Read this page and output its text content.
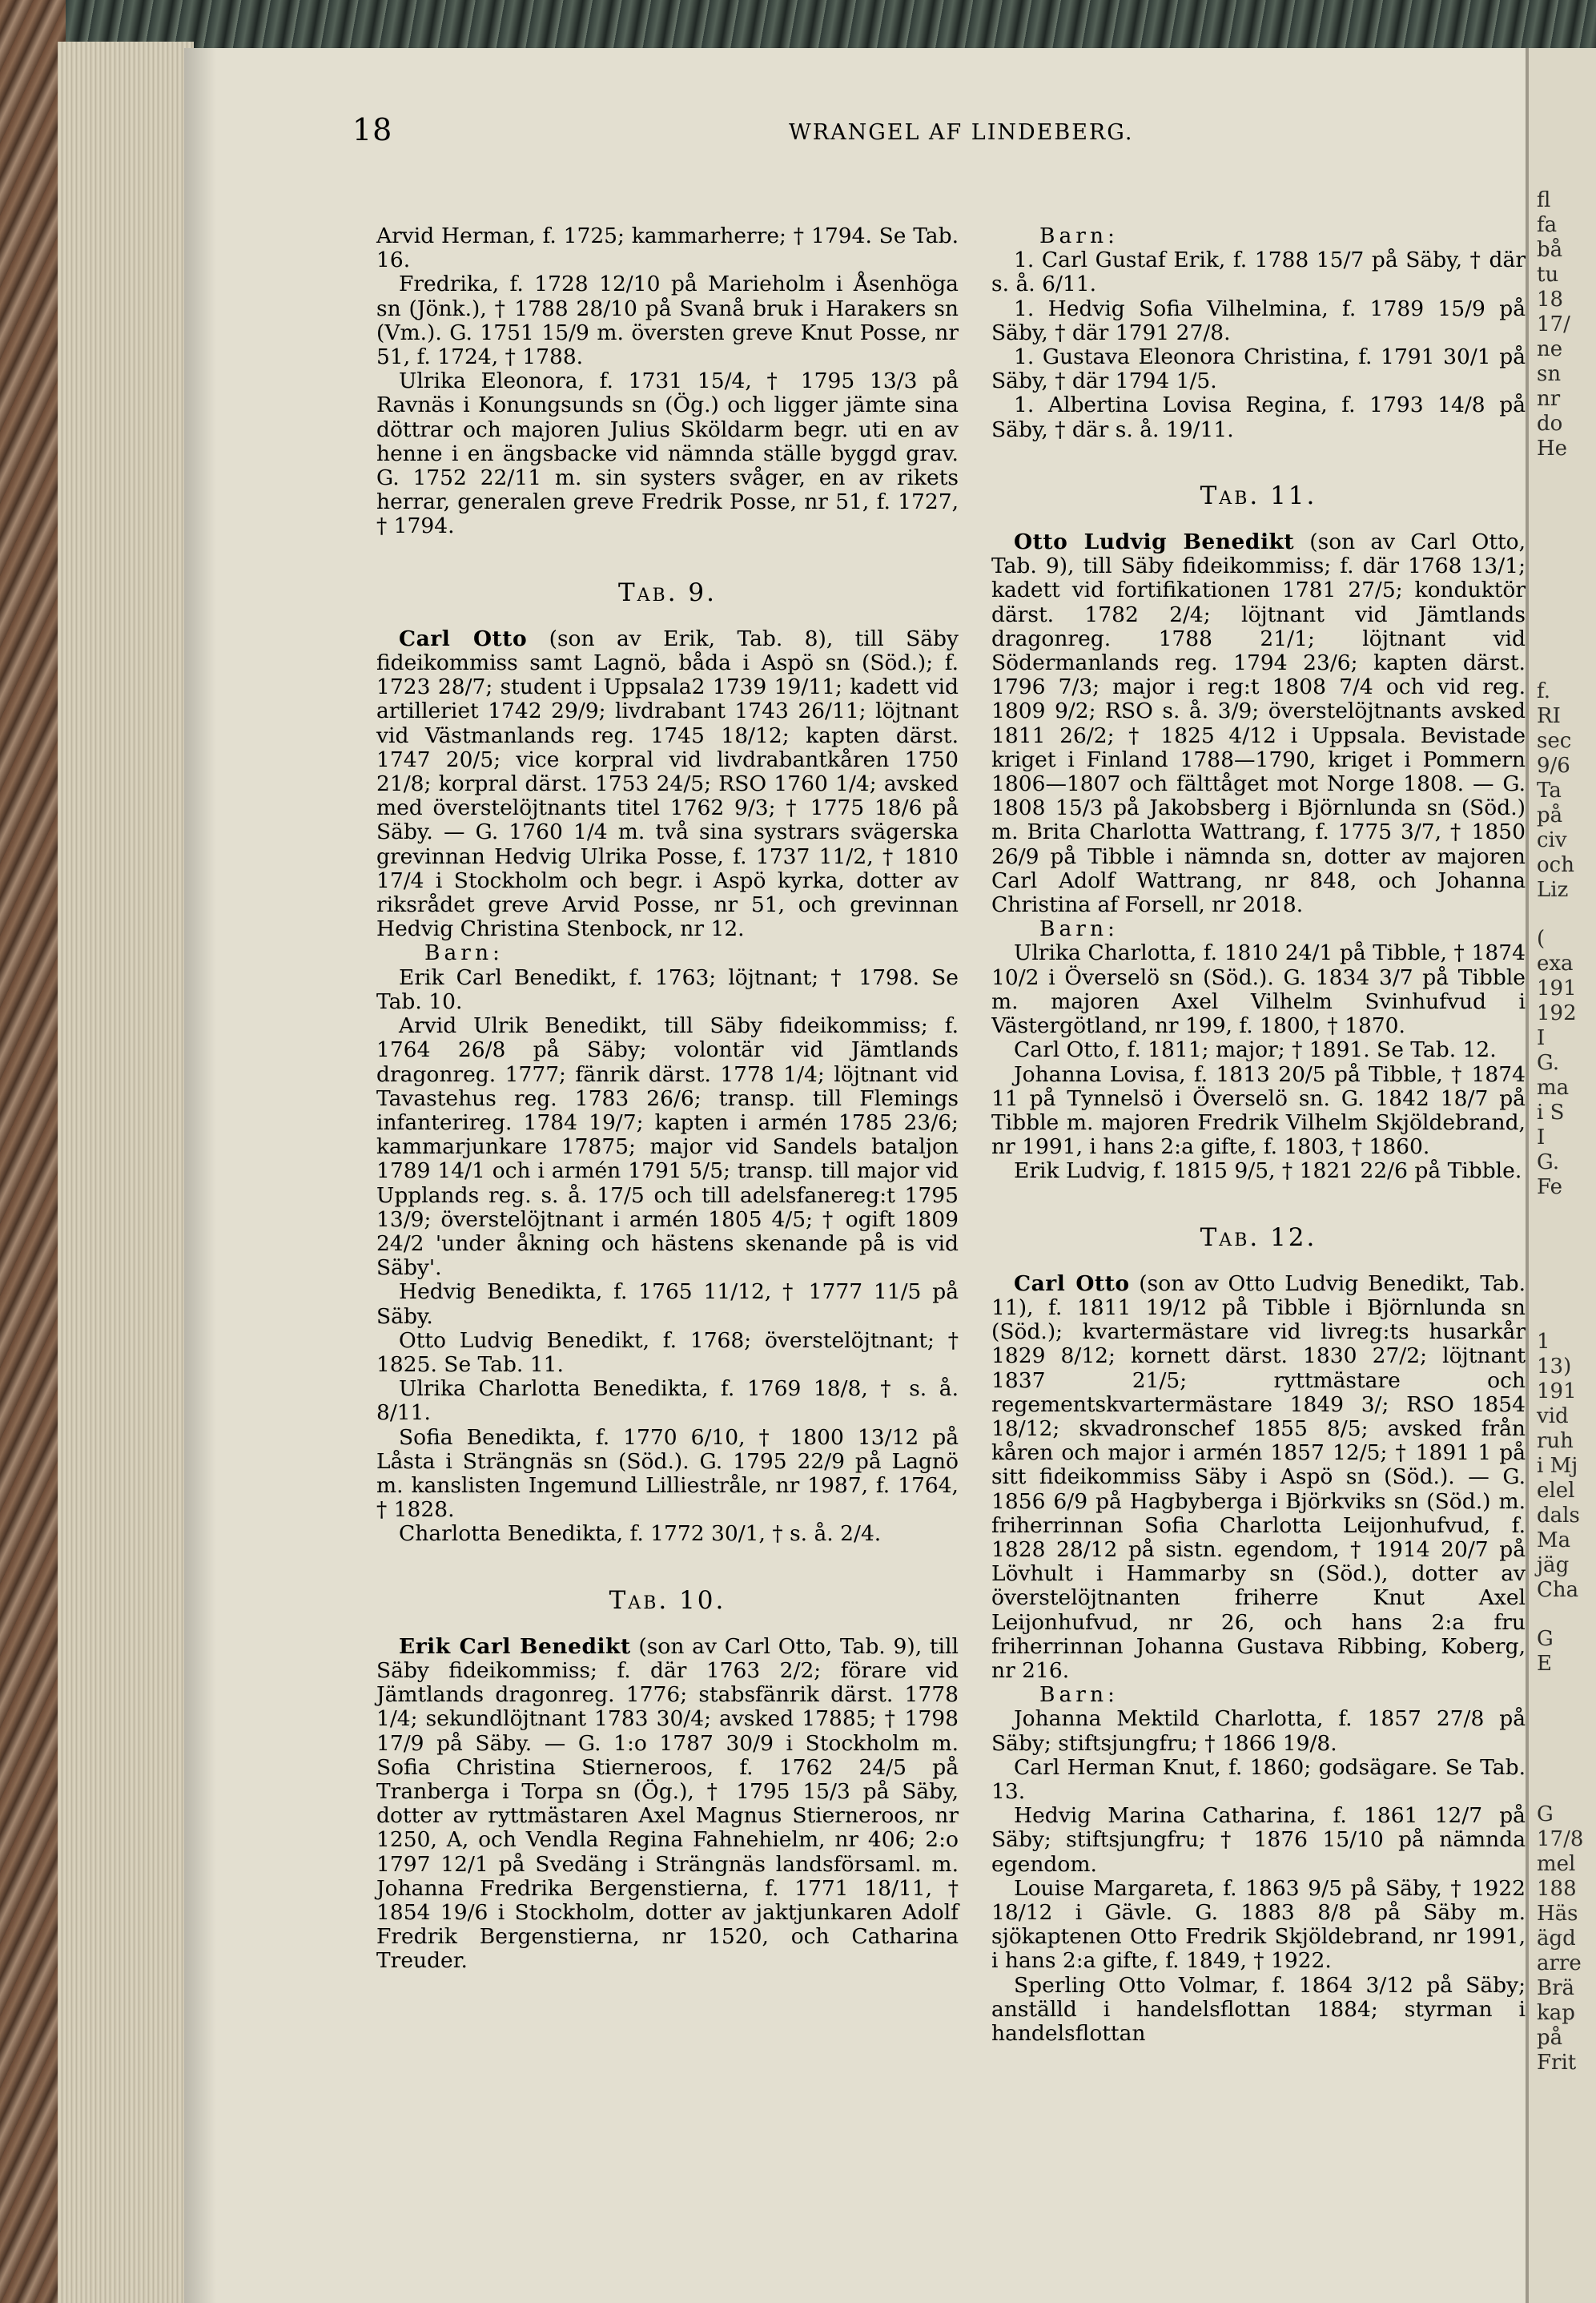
18	WRANGEL AF LINDEBERG.

Arvid Herman, f. 1725; kammarherre; † 1794. Se Tab. 16.

Fredrika, f. 1728 12/10 på Marieholm i Åsenhöga sn (Jönk.), † 1788 28/10 på Svanå bruk i Harakers sn (Vm.). G. 1751 15/9 m. översten greve Knut Posse, nr 51, f. 1724, † 1788.

Ulrika Eleonora, f. 1731 15/4, † 1795 13/3 på Ravnäs i Konungsunds sn (Ög.) och ligger jämte sina döttrar och majoren Julius Sköldarm begr. uti en av henne i en ängsbacke vid nämnda ställe byggd grav. G. 1752 22/11 m. sin systers svåger, en av rikets herrar, generalen greve Fredrik Posse, nr 51, f. 1727, † 1794.

Tab. 9.

Carl Otto (son av Erik, Tab. 8), till Säby fideikommiss samt Lagnö, båda i Aspö sn (Söd.); f. 1723 28/7; student i Uppsala2 1739 19/11; kadett vid artilleriet 1742 29/9; livdrabant 1743 26/11; löjtnant vid Västmanlands reg. 1745 18/12; kapten därst. 1747 20/5; vice korpral vid livdrabantkåren 1750 21/8; korpral därst. 1753 24/5; RSO 1760 1/4; avsked med överstelöjtnants titel 1762 9/3; † 1775 18/6 på Säby. — G. 1760 1/4 m. två sina systrars svägerska grevinnan Hedvig Ulrika Posse, f. 1737 11/2, † 1810 17/4 i Stockholm och begr. i Aspö kyrka, dotter av riksrådet greve Arvid Posse, nr 51, och grevinnan Hedvig Christina Stenbock, nr 12.

Barn:

Erik Carl Benedikt, f. 1763; löjtnant; † 1798. Se Tab. 10.

Arvid Ulrik Benedikt, till Säby fideikommiss; f. 1764 26/8 på Säby; volontär vid Jämtlands dragonreg. 1777; fänrik därst. 1778 1/4; löjtnant vid Tavastehus reg. 1783 26/6; transp. till Flemings infanterireg. 1784 19/7; kapten i armén 1785 23/6; kammarjunkare 17875; major vid Sandels bataljon 1789 14/1 och i armén 1791 5/5; transp. till major vid Upplands reg. s. å. 17/5 och till adelsfanereg:t 1795 13/9; överstelöjtnant i armén 1805 4/5; † ogift 1809 24/2 'under åkning och hästens skenande på is vid Säby'.

Hedvig Benedikta, f. 1765 11/12, † 1777 11/5 på Säby.

Otto Ludvig Benedikt, f. 1768; överstelöjtnant; † 1825. Se Tab. 11.

Ulrika Charlotta Benedikta, f. 1769 18/8, † s. å. 8/11.

Sofia Benedikta, f. 1770 6/10, † 1800 13/12 på Låsta i Strängnäs sn (Söd.). G. 1795 22/9 på Lagnö m. kanslisten Ingemund Lilliestråle, nr 1987, f. 1764, † 1828.

Charlotta Benedikta, f. 1772 30/1, † s. å. 2/4.

Tab. 10.

Erik Carl Benedikt (son av Carl Otto, Tab. 9), till Säby fideikommiss; f. där 1763 2/2; förare vid Jämtlands dragonreg. 1776; stabsfänrik därst. 1778 1/4; sekundlöjtnant 1783 30/4; avsked 17885; † 1798 17/9 på Säby. — G. 1:o 1787 30/9 i Stockholm m. Sofia Christina Stierneroos, f. 1762 24/5 på Tranberga i Torpa sn (Ög.), † 1795 15/3 på Säby, dotter av ryttmästaren Axel Magnus Stierneroos, nr 1250, A, och Vendla Regina Fahnehielm, nr 406; 2:o 1797 12/1 på Svedäng i Strängnäs landsförsaml. m. Johanna Fredrika Bergenstierna, f. 1771 18/11, † 1854 19/6 i Stockholm, dotter av jaktjunkaren Adolf Fredrik Bergenstierna, nr 1520, och Catharina Treuder.

Barn:

1. Carl Gustaf Erik, f. 1788 15/7 på Säby, † där s. å. 6/11.

1. Hedvig Sofia Vilhelmina, f. 1789 15/9 på Säby, † där 1791 27/8.

1. Gustava Eleonora Christina, f. 1791 30/1 på Säby, † där 1794 1/5.

1. Albertina Lovisa Regina, f. 1793 14/8 på Säby, † där s. å. 19/11.

Tab. 11.

Otto Ludvig Benedikt (son av Carl Otto, Tab. 9), till Säby fideikommiss; f. där 1768 13/1; kadett vid fortifikationen 1781 27/5; konduktör därst. 1782 2/4; löjtnant vid Jämtlands dragonreg. 1788 21/1; löjtnant vid Södermanlands reg. 1794 23/6; kapten därst. 1796 7/3; major i reg:t 1808 7/4 och vid reg. 1809 9/2; RSO s. å. 3/9; överstelöjtnants avsked 1811 26/2; † 1825 4/12 i Uppsala. Bevistade kriget i Finland 1788—1790, kriget i Pommern 1806—1807 och fälttåget mot Norge 1808. — G. 1808 15/3 på Jakobsberg i Björnlunda sn (Söd.) m. Brita Charlotta Wattrang, f. 1775 3/7, † 1850 26/9 på Tibble i nämnda sn, dotter av majoren Carl Adolf Wattrang, nr 848, och Johanna Christina af Forsell, nr 2018.

Barn:

Ulrika Charlotta, f. 1810 24/1 på Tibble, † 1874 10/2 i Överselö sn (Söd.). G. 1834 3/7 på Tibble m. majoren Axel Vilhelm Svinhufvud i Västergötland, nr 199, f. 1800, † 1870.

Carl Otto, f. 1811; major; † 1891. Se Tab. 12.

Johanna Lovisa, f. 1813 20/5 på Tibble, † 1874 11 på Tynnelsö i Överselö sn. G. 1842 18/7 på Tibble m. majoren Fredrik Vilhelm Skjöldebrand, nr 1991, i hans 2:a gifte, f. 1803, † 1860.

Erik Ludvig, f. 1815 9/5, † 1821 22/6 på Tibble.

Tab. 12.

Carl Otto (son av Otto Ludvig Benedikt, Tab. 11), f. 1811 19/12 på Tibble i Björnlunda sn (Söd.); kvartermästare vid livreg:ts husarkår 1829 8/12; kornett därst. 1830 27/2; löjtnant 1837 21/5; ryttmästare och regementskvartermästare 1849 3/; RSO 1854 18/12; skvadronschef 1855 8/5; avsked från kåren och major i armén 1857 12/5; † 1891 1 på sitt fideikommiss Säby i Aspö sn (Söd.). — G. 1856 6/9 på Hagbyberga i Björkviks sn (Söd.) m. friherrinnan Sofia Charlotta Leijonhufvud, f. 1828 28/12 på sistn. egendom, † 1914 20/7 på Lövhult i Hammarby sn (Söd.), dotter av överstelöjtnanten friherre Knut Axel Leijonhufvud, nr 26, och hans 2:a fru friherrinnan Johanna Gustava Ribbing, Koberg, nr 216.

Barn:

Johanna Mektild Charlotta, f. 1857 27/8 på Säby; stiftsjungfru; † 1866 19/8.

Carl Herman Knut, f. 1860; godsägare. Se Tab. 13.

Hedvig Marina Catharina, f. 1861 12/7 på Säby; stiftsjungfru; † 1876 15/10 på nämnda egendom.

Louise Margareta, f. 1863 9/5 på Säby, † 1922 18/12 i Gävle. G. 1883 8/8 på Säby m. sjökaptenen Otto Fredrik Skjöldebrand, nr 1991, i hans 2:a gifte, f. 1849, † 1922.

Sperling Otto Volmar, f. 1864 3/12 på Säby; anställd i handelsflottan 1884; styrman i handelsflottan

fl
fa
bå
tu
18
17/
ne
sn
nr
do
He
f.
RI
sec
9/6
Ta
på
civ
och
Liz
(
exa
191
192
I
G.
ma
i S
I
G.
Fe
1
13)
191
vid
ruh
i Mj
elel
dals
Ma
jäg
Cha
G
E
G
17/8
mel
188
Häs
ägd
arre
Brä
kap
på
Frit
